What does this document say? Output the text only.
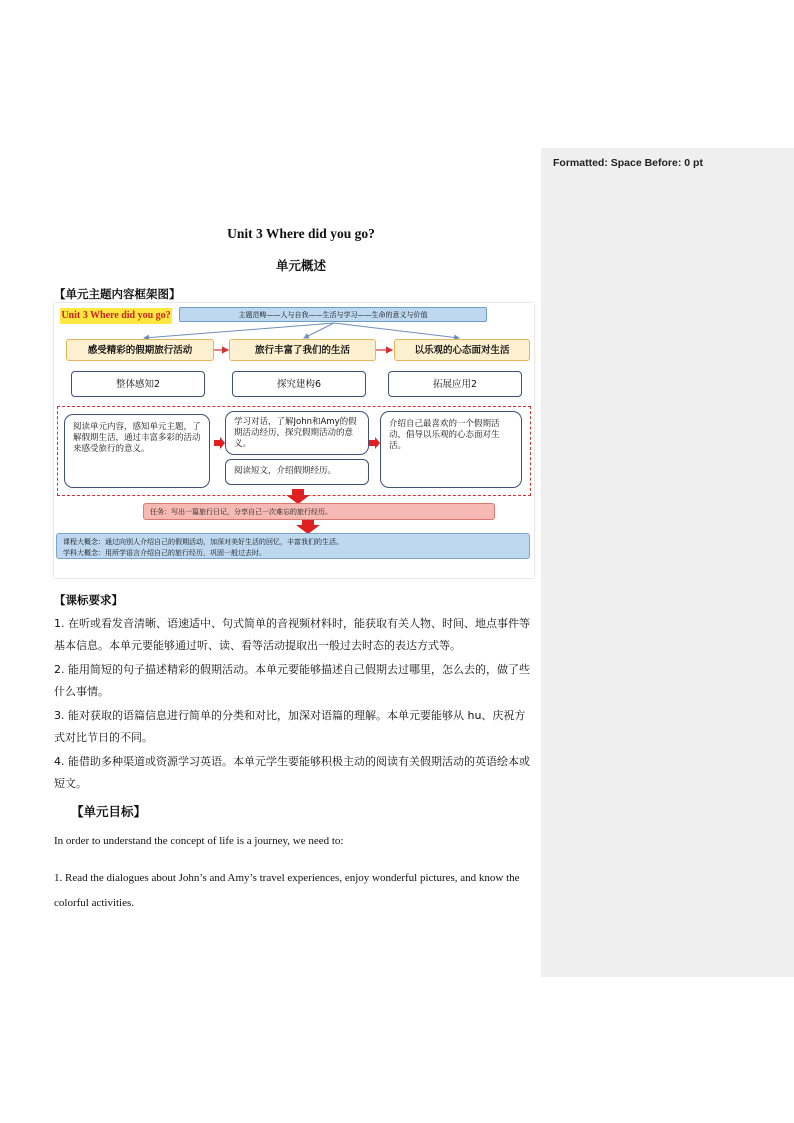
Formatted: Space Before: 0 pt
Unit 3 Where did you go?
单元概述
【单元主题内容框架图】
Unit 3 Where did you go?	主题范畴——人与自我——生活与学习——生命的意义与价值
感受精彩的假期旅行活动	旅行丰富了我们的生活	以乐观的心态面对生活
整体感知2	探究建构6	拓展应用2
阅读单元内容，感知单元主题，了解假期生活，通过丰富多彩的活动来感受旅行的意义。
学习对话，了解John和Amy的假期活动经历，探究假期活动的意义。
阅读短文，介绍假期经历。
介绍自己最喜欢的一个假期活动，倡导以乐观的心态面对生活。
任务：写出一篇旅行日记，分享自己一次难忘的旅行经历。
课程大概念：通过向别人介绍自己的假期活动，加深对美好生活的回忆，丰富我们的生活。
学科大概念：用所学语言介绍自己的旅行经历，巩固一般过去时。
【课标要求】
1. 在听或看发音清晰、语速适中、句式简单的音视频材料时，能获取有关人物、时间、地点事件等基本信息。本单元要能够通过听、读、看等活动提取出一般过去时态的表达方式等。
2. 能用简短的句子描述精彩的假期活动。本单元要能够描述自己假期去过哪里，怎么去的，做了些什么事情。
3. 能对获取的语篇信息进行简单的分类和对比，加深对语篇的理解。本单元要能够从 hu、庆祝方式对比节日的不同。
4. 能借助多种渠道或资源学习英语。本单元学生要能够积极主动的阅读有关假期活动的英语绘本或短文。
【单元目标】
In order to understand the concept of life is a journey, we need to:
1. Read the dialogues about John’s and Amy’s travel experiences, enjoy wonderful pictures, and know the colorful activities.
